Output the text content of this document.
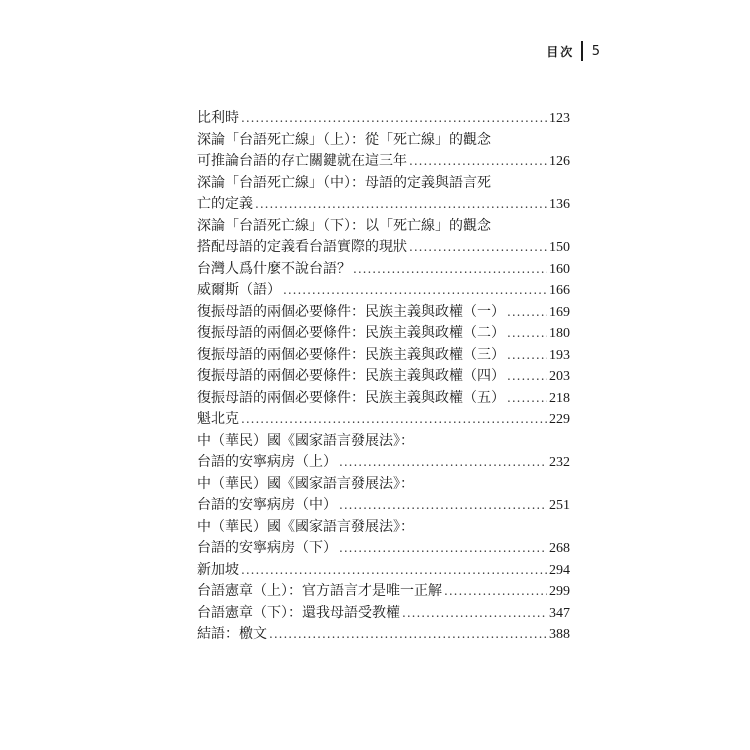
目次 5
比利時 .....	123
深論「台語死亡線」（上）：從「死亡線」的觀念
可推論台語的存亡關鍵就在這三年 .....	126
深論「台語死亡線」（中）：母語的定義與語言死
亡的定義 .....	136
深論「台語死亡線」（下）：以「死亡線」的觀念
搭配母語的定義看台語實際的現狀 .....	150
台灣人爲什麼不說台語？ .....	160
威爾斯（語） .....	166
復振母語的兩個必要條件：民族主義與政權（一） .....	169
復振母語的兩個必要條件：民族主義與政權（二） .....	180
復振母語的兩個必要條件：民族主義與政權（三） .....	193
復振母語的兩個必要條件：民族主義與政權（四） .....	203
復振母語的兩個必要條件：民族主義與政權（五） .....	218
魁北克 .....	229
中（華民）國《國家語言發展法》：
台語的安寧病房（上） .....	232
中（華民）國《國家語言發展法》：
台語的安寧病房（中） .....	251
中（華民）國《國家語言發展法》：
台語的安寧病房（下） .....	268
新加坡 .....	294
台語憲章（上）：官方語言才是唯一正解 .....	299
台語憲章（下）：還我母語受教權 .....	347
結語：檄文 .....	388
